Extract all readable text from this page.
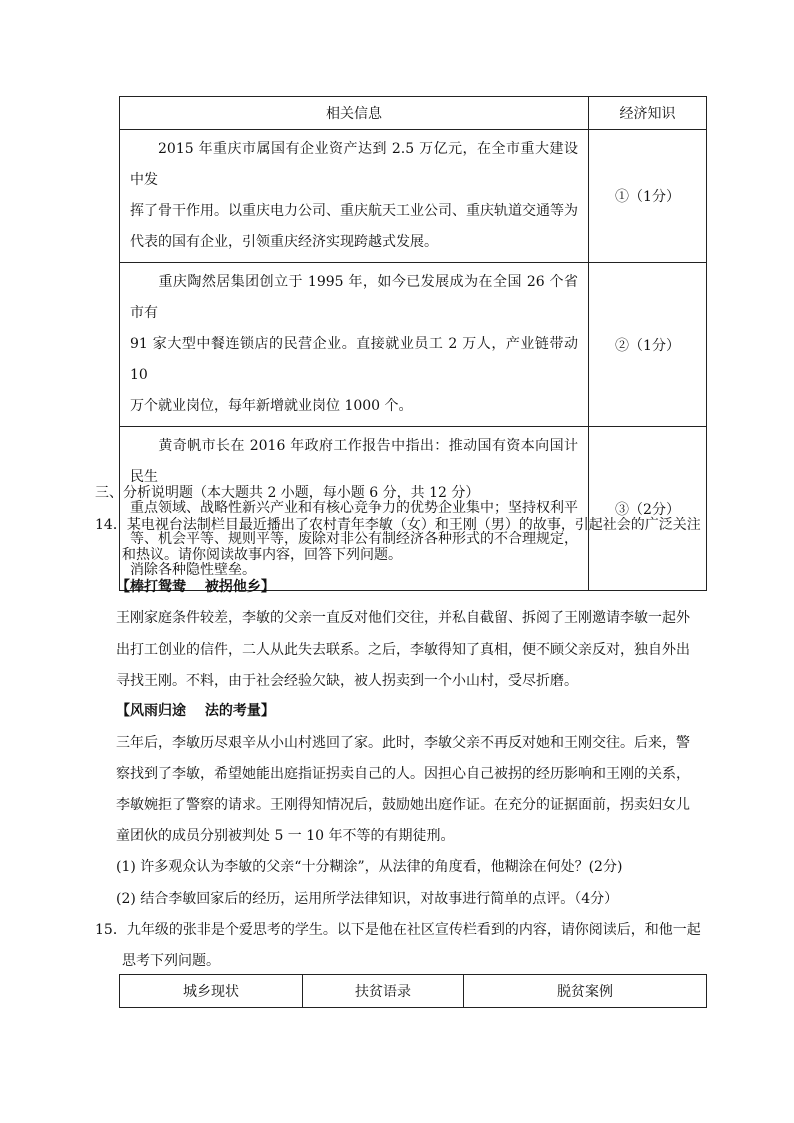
相关信息	经济知识
2015 年重庆市属国有企业资产达到 2.5 万亿元，在全市重大建设中发
挥了骨干作用。以重庆电力公司、重庆航天工业公司、重庆轨道交通等为
代表的国有企业，引领重庆经济实现跨越式发展。	①（1分）
重庆陶然居集团创立于 1995 年，如今已发展成为在全国 26 个省市有
91 家大型中餐连锁店的民营企业。直接就业员工 2 万人，产业链带动 10
万个就业岗位，每年新增就业岗位 1000 个。	②（1分）
黄奇帆市长在 2016 年政府工作报告中指出：推动国有资本向国计民生
重点领域、战略性新兴产业和有核心竞争力的优势企业集中；坚持权利平
等、机会平等、规则平等，废除对非公有制经济各种形式的不合理规定，
消除各种隐性壁垒。	③（2分）
三、分析说明题（本大题共 2 小题，每小题 6 分，共 12 分）
14．某电视台法制栏目最近播出了农村青年李敏（女）和王刚（男）的故事，引起社会的广泛关注
和热议。请你阅读故事内容，回答下列问题。
【棒打鸳鸯　 被拐他乡】
王刚家庭条件较差，李敏的父亲一直反对他们交往，并私自截留、拆阅了王刚邀请李敏一起外
出打工创业的信件，二人从此失去联系。之后，李敏得知了真相，便不顾父亲反对，独自外出
寻找王刚。不料，由于社会经验欠缺，被人拐卖到一个小山村，受尽折磨。
【风雨归途　 法的考量】
三年后，李敏历尽艰辛从小山村逃回了家。此时，李敏父亲不再反对她和王刚交往。后来，警
察找到了李敏，希望她能出庭指证拐卖自己的人。因担心自己被拐的经历影响和王刚的关系，
李敏婉拒了警察的请求。王刚得知情况后，鼓励她出庭作证。在充分的证据面前，拐卖妇女儿
童团伙的成员分别被判处 5 一 10 年不等的有期徒刑。
(1) 许多观众认为李敏的父亲“十分糊涂”，从法律的角度看，他糊涂在何处？(2分)
(2) 结合李敏回家后的经历，运用所学法律知识，对故事进行简单的点评。（4分）
15．九年级的张非是个爱思考的学生。以下是他在社区宣传栏看到的内容，请你阅读后，和他一起
思考下列问题。
城乡现状	扶贫语录	脱贫案例
